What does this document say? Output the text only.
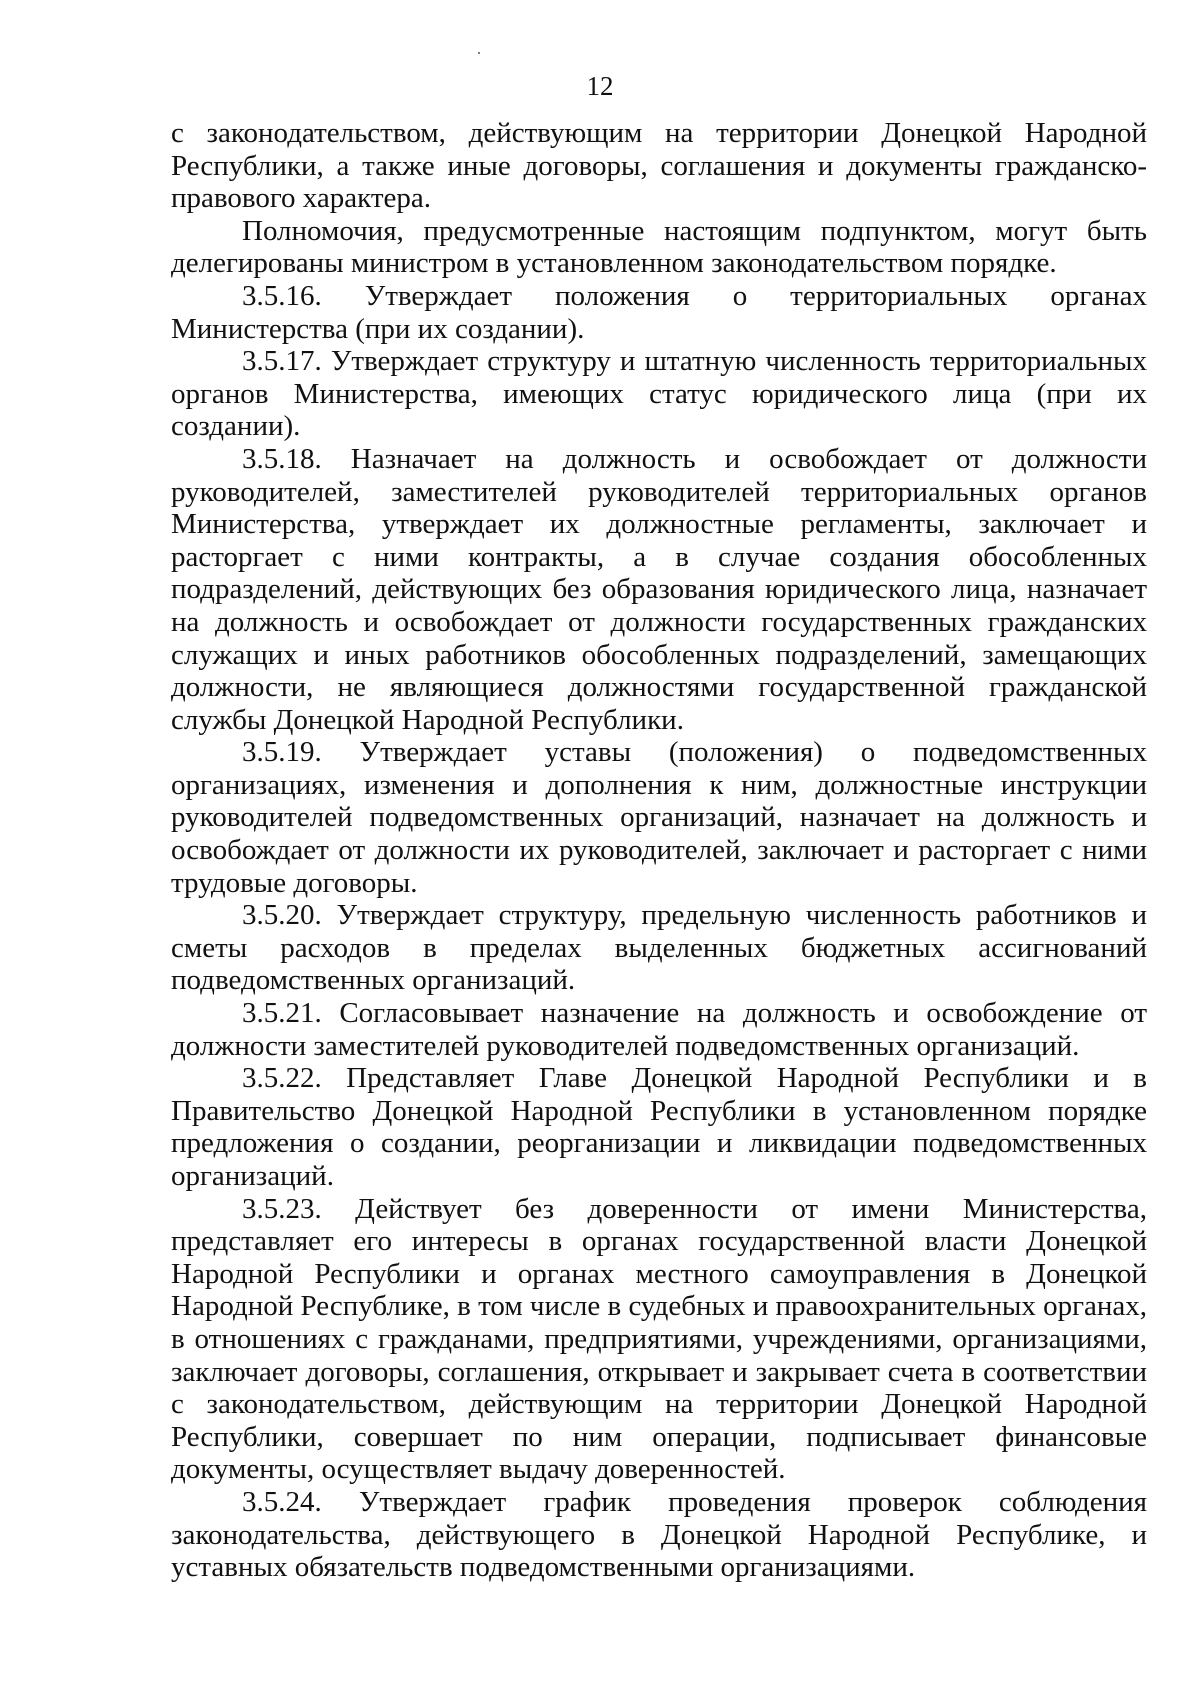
12

с законодательством, действующим на территории Донецкой Народной Республики, а также иные договоры, соглашения и документы гражданско-правового характера.

Полномочия, предусмотренные настоящим подпунктом, могут быть делегированы министром в установленном законодательством порядке.

3.5.16. Утверждает положения о территориальных органах Министерства (при их создании).

3.5.17. Утверждает структуру и штатную численность территориальных органов Министерства, имеющих статус юридического лица (при их создании).

3.5.18. Назначает на должность и освобождает от должности руководителей, заместителей руководителей территориальных органов Министерства, утверждает их должностные регламенты, заключает и расторгает с ними контракты, а в случае создания обособленных подразделений, действующих без образования юридического лица, назначает на должность и освобождает от должности государственных гражданских служащих и иных работников обособленных подразделений, замещающих должности, не являющиеся должностями государственной гражданской службы Донецкой Народной Республики.

3.5.19. Утверждает уставы (положения) о подведомственных организациях, изменения и дополнения к ним, должностные инструкции руководителей подведомственных организаций, назначает на должность и освобождает от должности их руководителей, заключает и расторгает с ними трудовые договоры.

3.5.20. Утверждает структуру, предельную численность работников и сметы расходов в пределах выделенных бюджетных ассигнований подведомственных организаций.

3.5.21. Согласовывает назначение на должность и освобождение от должности заместителей руководителей подведомственных организаций.

3.5.22. Представляет Главе Донецкой Народной Республики и в Правительство Донецкой Народной Республики в установленном порядке предложения о создании, реорганизации и ликвидации подведомственных организаций.

3.5.23. Действует без доверенности от имени Министерства, представляет его интересы в органах государственной власти Донецкой Народной Республики и органах местного самоуправления в Донецкой Народной Республике, в том числе в судебных и правоохранительных органах, в отношениях с гражданами, предприятиями, учреждениями, организациями, заключает договоры, соглашения, открывает и закрывает счета в соответствии с законодательством, действующим на территории Донецкой Народной Республики, совершает по ним операции, подписывает финансовые документы, осуществляет выдачу доверенностей.

3.5.24. Утверждает график проведения проверок соблюдения законодательства, действующего в Донецкой Народной Республике, и уставных обязательств подведомственными организациями.
